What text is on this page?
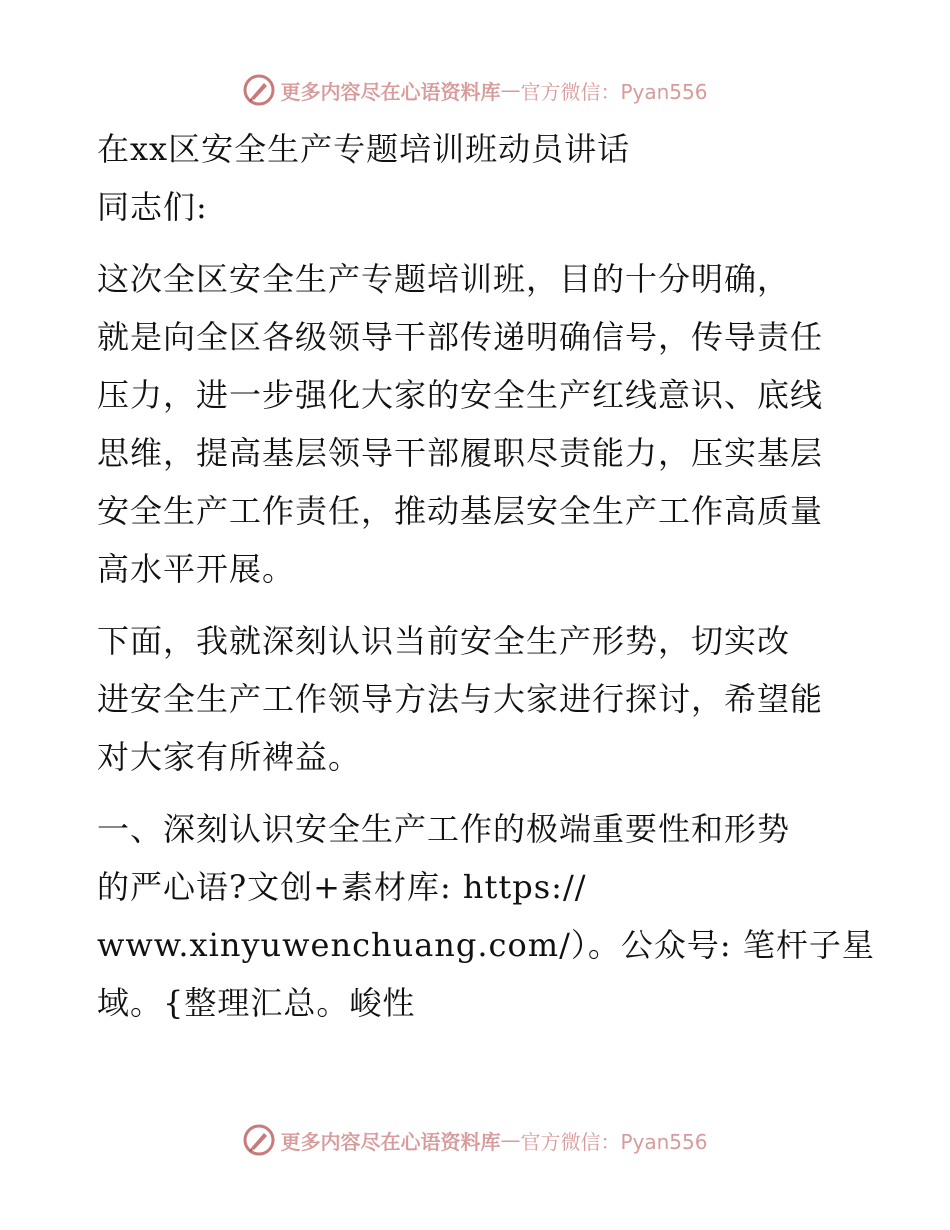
更多内容尽在心语资料库 — 官方微信：Pyan556
在xx区安全生产专题培训班动员讲话
同志们:
这次全区安全生产专题培训班，目的十分明确，
就是向全区各级领导干部传递明确信号，传导责任
压力，进一步强化大家的安全生产红线意识、底线
思维，提高基层领导干部履职尽责能力，压实基层
安全生产工作责任，推动基层安全生产工作高质量
高水平开展。
下面，我就深刻认识当前安全生产形势，切实改
进安全生产工作领导方法与大家进行探讨，希望能
对大家有所裨益。
一、深刻认识安全生产工作的极端重要性和形势
的严心语?文创+素材库: https://
www.xinyuwenchuang.com/）。公众号: 笔杆子星
域。{整理汇总。峻性
更多内容尽在心语资料库 — 官方微信：Pyan556
